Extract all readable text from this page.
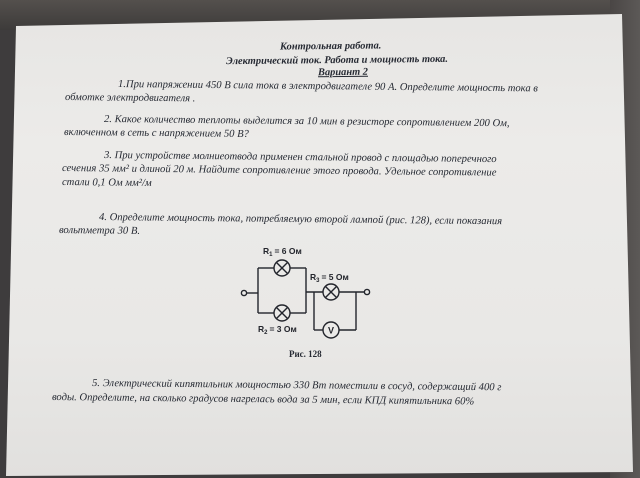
Контрольная работа.
Электрический ток. Работа и мощность тока.
Вариант 2
1.При напряжении 450 В сила тока в электродвигателе 90 А. Определите мощность тока в
обмотке электродвигателя .
2. Какое количество теплоты выделится за 10 мин в резисторе сопротивлением 200 Ом,
включенном в сеть с напряжением 50 В?
3. При устройстве молниеотвода применен стальной провод с площадью поперечного
сечения 35 мм² и длиной 20 м. Найдите сопротивление этого провода. Удельное сопротивление
стали 0,1 Ом мм²/м
4. Определите мощность тока, потребляемую второй лампой (рис. 128), если показания
вольтметра 30 В.
V
$R_1 = 6$ Ом
$R_3 = 5$ Ом
$R_2 = 3$ Ом
Рис. 128
5. Электрический кипятильник мощностью 330 Вт поместили в сосуд, содержащий 400 г
воды. Определите, на сколько градусов нагрелась вода за 5 мин, если КПД кипятильника 60%
